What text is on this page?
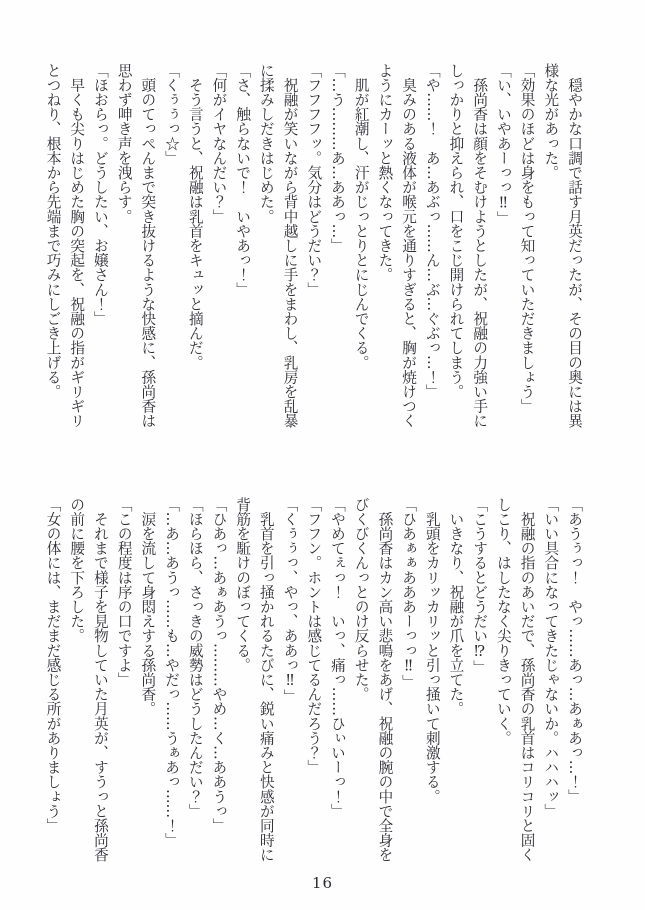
　穏やかな口調で話す月英だったが、その目の奥には異

様な光があった。

「効果のほどは身をもって知っていただきましょう」

「い、いやあーっっ‼」

　孫尚香は顔をそむけようとしたが、祝融の力強い手に

しっかりと抑えられ、口をこじ開けられてしまう。

「や……！　あ…あぶっ……ん…ぶ…ぐぶっ…！」

　臭みのある液体が喉元を通りすぎると、胸が焼けつく

ようにカーッと熱くなってきた。

　肌が紅潮し、汗がじっとりとにじんでくる。

「…う………あ…ああっ…」

「フフフフッ。気分はどうだい？」

　祝融が笑いながら背中越しに手をまわし、乳房を乱暴

に揉みしだきはじめた。

「さ、触らないで！　いやあっ！」

「何がイヤなんだい？」

　そう言うと、祝融は乳首をキュッと摘んだ。

「くぅぅっ☆」

　頭のてっぺんまで突き抜けるような快感に、孫尚香は

思わず呻き声を洩らす。

「ほおらっ。どうしたい、お嬢さん！」

　早くも尖りはじめた胸の突起を、祝融の指がギリギリ

とつねり、根本から先端まで巧みにしごき上げる。

「あうぅっ！　やっ……あっ…あぁあっ…！」

「いい具合になってきたじゃないか。ハハハッ」

　祝融の指のあいだで、孫尚香の乳首はコリコリと固く

しこり、はしたなく尖りきっていく。

「こうするとどうだい⁉」

　いきなり、祝融が爪を立てた。

　乳頭をカリッカリッと引っ掻いて刺激する。

「ひあぁぁあああーっっ‼」

　孫尚香はカン高い悲鳴をあげ、祝融の腕の中で全身を

びくびくんっとのけ反らせた。

「やめてぇっ！　いっ、痛っ……ひぃいーっ！」

「フフン。ホントは感じてるんだろう？」

「くぅぅっ、やっ、ああっ‼」

　乳首を引っ掻かれるたびに、鋭い痛みと快感が同時に

背筋を駈けのぼってくる。

「ひあっ…あぁあうっ………やめ…く…ああうっ」

「ほらほら、さっきの威勢はどうしたんだい？」

「…あ…あうっ……も…やだっ……うぁあっ……！」

　涙を流して身悶えする孫尚香。

「この程度は序の口ですよ」

　それまで様子を見物していた月英が、すうっと孫尚香

の前に腰を下ろした。

「女の体には、まだまだ感じる所がありましょう」

16
